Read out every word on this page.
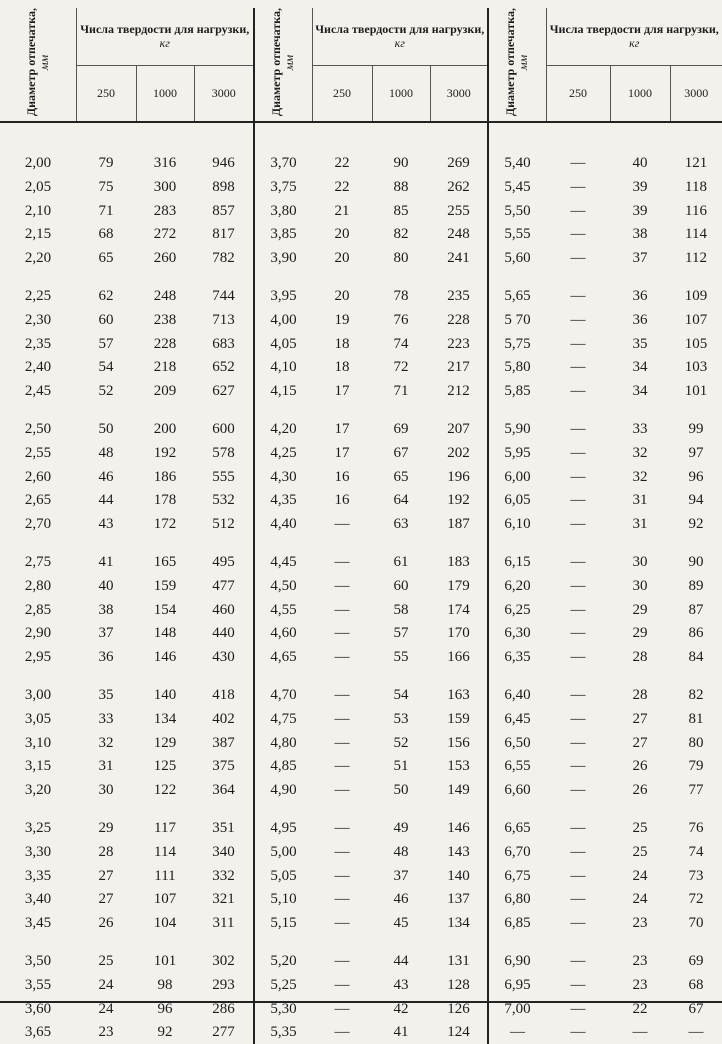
Диаметр отпечатка,
мм	Числа твердости для нагрузки,
кг			Диаметр отпечатка,
мм	Числа твердости для нагрузки,
кг			Диаметр отпечатка,
мм	Числа твердости для нагрузки,
кг		

	250	1000	3000		250	1000	3000		250	1000	3000

2,00	79	316	946	3,70	22	90	269	5,40	—	40	121
2,05	75	300	898	3,75	22	88	262	5,45	—	39	118
2,10	71	283	857	3,80	21	85	255	5,50	—	39	116
2,15	68	272	817	3,85	20	82	248	5,55	—	38	114
2,20	65	260	782	3,90	20	80	241	5,60	—	37	112

2,25	62	248	744	3,95	20	78	235	5,65	—	36	109
2,30	60	238	713	4,00	19	76	228	5 70	—	36	107
2,35	57	228	683	4,05	18	74	223	5,75	—	35	105
2,40	54	218	652	4,10	18	72	217	5,80	—	34	103
2,45	52	209	627	4,15	17	71	212	5,85	—	34	101

2,50	50	200	600	4,20	17	69	207	5,90	—	33	99
2,55	48	192	578	4,25	17	67	202	5,95	—	32	97
2,60	46	186	555	4,30	16	65	196	6,00	—	32	96
2,65	44	178	532	4,35	16	64	192	6,05	—	31	94
2,70	43	172	512	4,40	—	63	187	6,10	—	31	92

2,75	41	165	495	4,45	—	61	183	6,15	—	30	90
2,80	40	159	477	4,50	—	60	179	6,20	—	30	89
2,85	38	154	460	4,55	—	58	174	6,25	—	29	87
2,90	37	148	440	4,60	—	57	170	6,30	—	29	86
2,95	36	146	430	4,65	—	55	166	6,35	—	28	84

3,00	35	140	418	4,70	—	54	163	6,40	—	28	82
3,05	33	134	402	4,75	—	53	159	6,45	—	27	81
3,10	32	129	387	4,80	—	52	156	6,50	—	27	80
3,15	31	125	375	4,85	—	51	153	6,55	—	26	79
3,20	30	122	364	4,90	—	50	149	6,60	—	26	77

3,25	29	117	351	4,95	—	49	146	6,65	—	25	76
3,30	28	114	340	5,00	—	48	143	6,70	—	25	74
3,35	27	111	332	5,05	—	37	140	6,75	—	24	73
3,40	27	107	321	5,10	—	46	137	6,80	—	24	72
3,45	26	104	311	5,15	—	45	134	6,85	—	23	70

3,50	25	101	302	5,20	—	44	131	6,90	—	23	69
3,55	24	98	293	5,25	—	43	128	6,95	—	23	68
3,60	24	96	286	5,30	—	42	126	7,00	—	22	67
3,65	23	92	277	5,35	—	41	124	—	—	—	—
